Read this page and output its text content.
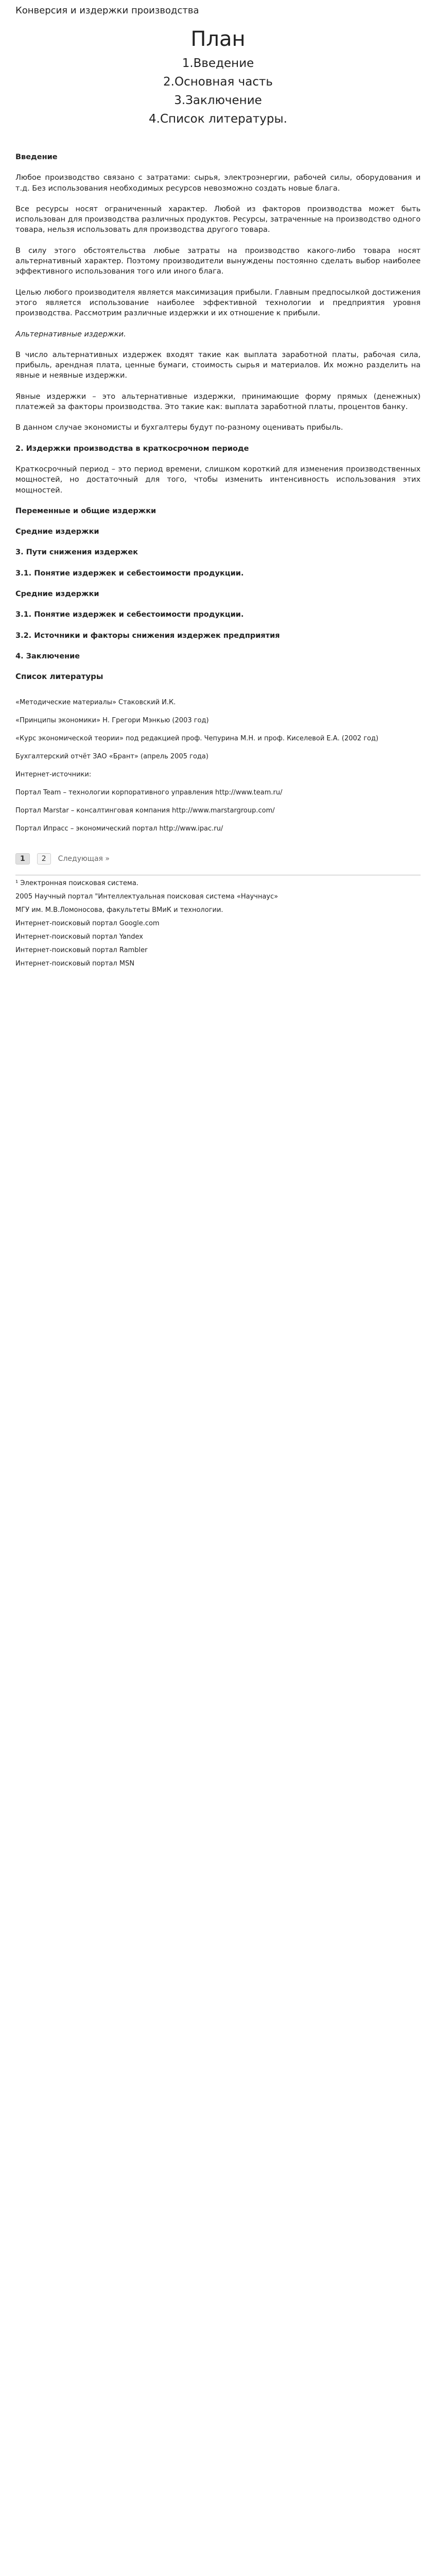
Конверсия и издержки производства
План

1.Введение

2.Основная часть

3.Заключение

4.Список литературы.

Введение

Любое производство связано с затратами: сырья, электроэнергии, рабочей силы, оборудования и т.д. Без использования необходимых ресурсов невозможно создать новые блага.

Все ресурсы носят ограниченный характер. Любой из факторов производства может быть использован для производства различных продуктов. Ресурсы, затраченные на производство одного товара, нельзя использовать для производства другого товара.

В силу этого обстоятельства любые затраты на производство какого-либо товара носят альтернативный характер. Поэтому производители вынуждены постоянно сделать выбор наиболее эффективного использования того или иного блага.

Целью любого производителя является максимизация прибыли. Главным предпосылкой достижения этого является использование наиболее эффективной технологии и предприятия уровня производства. Рассмотрим различные издержки и их отношение к прибыли.

Альтернативные издержки.

В число альтернативных издержек входят такие как выплата заработной платы, рабочая сила, прибыль, арендная плата, ценные бумаги, стоимость сырья и материалов. Их можно разделить на явные и неявные издержки.

Явные издержки – это альтернативные издержки, принимающие форму прямых (денежных) платежей за факторы производства. Это такие как: выплата заработной платы, процентов банку.

В данном случае экономисты и бухгалтеры будут по-разному оценивать прибыль.

2. Издержки производства в краткосрочном периоде

Краткосрочный период – это период времени, слишком короткий для изменения производственных мощностей, но достаточный для того, чтобы изменить интенсивность использования этих мощностей.

Переменные и общие издержки

Средние издержки

3. Пути снижения издержек

3.1. Понятие издержек и себестоимости продукции.

Средние издержки

3.1. Понятие издержек и себестоимости продукции.

3.2. Источники и факторы снижения издержек предприятия

4. Заключение

Список литературы
«Методические материалы» Стаковский И.К.
«Принципы экономики» Н. Грегори Мэнкью (2003 год)
«Курс экономической теории» под редакцией проф. Чепурина М.Н. и проф. Киселевой Е.А. (2002 год)
Бухгалтерский отчёт ЗАО «Брант» (апрель 2005 года)
Интернет-источники:
Портал Team – технологии корпоративного управления http://www.team.ru/
Портал Marstar – консалтинговая компания http://www.marstargroup.com/
Портал Ипрасс – экономический портал http://www.ipac.ru/
1	2	Следующая »

¹ Электронная поисковая система.

2005 Научный портал "Интеллектуальная поисковая система «Научнаус»

МГУ им. М.В.Ломоносова, факультеты ВМиК и технологии.

Интернет-поисковый портал Google.com

Интернет-поисковый портал Yandex

Интернет-поисковый портал Rambler

Интернет-поисковый портал MSN
